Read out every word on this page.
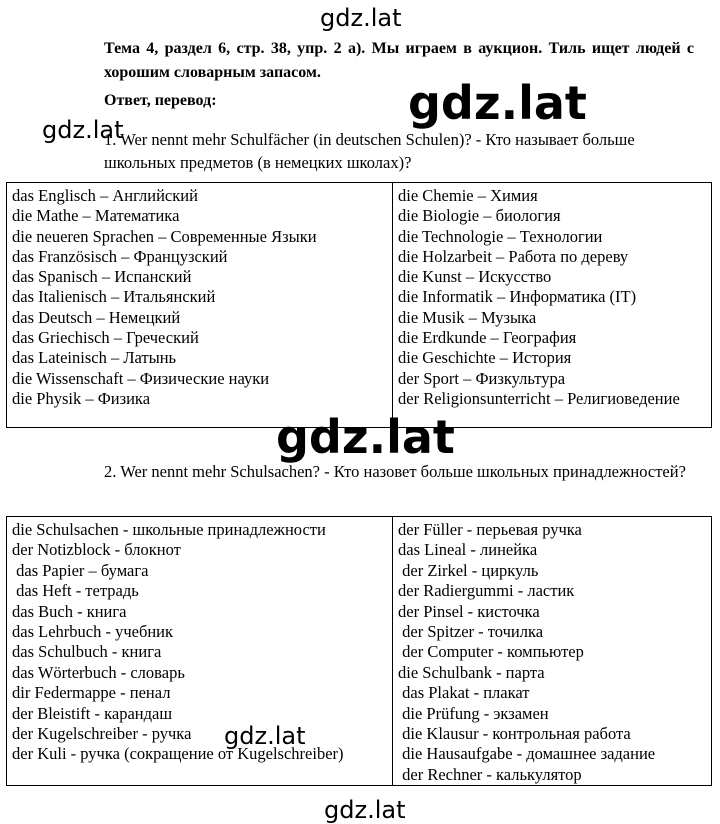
gdz.lat
Тема 4, раздел 6, стр. 38, упр. 2 а). Мы играем в аукцион. Тиль ищет людей с хорошим словарным запасом.
Ответ, перевод:	gdz.lat
gdz.lat
1. Wer nennt mehr Schulfächer (in deutschen Schulen)? - Кто называет больше школьных предметов (в немецких школах)?
das Englisch – Английский
die Mathe – Математика
die neueren Sprachen – Современные Языки
das Französisch – Французский
das Spanisch – Испанский
das Italienisch – Итальянский
das Deutsch – Немецкий
das Griechisch – Греческий
das Lateinisch – Латынь
die Wissenschaft – Физические науки
die Physik – Физика

die Chemie – Химия
die Biologie – биология
die Technologie – Технологии
die Holzarbeit – Работа по дереву
die Kunst – Искусство
die Informatik – Информатика (IT)
die Musik – Музыка
die Erdkunde – География
die Geschichte – История
der Sport – Физкультура
der Religionsunterricht – Религиоведение
gdz.lat
2. Wer nennt mehr Schulsachen? - Кто назовет больше школьных принадлежностей?
die Schulsachen - школьные принадлежности
der Notizblock - блокнот
das Papier – бумага
das Heft - тетрадь
das Buch - книга
das Lehrbuch - учебник
das Schulbuch - книга
das Wörterbuch - словарь
dir Federmappe - пенал
der Bleistift - карандаш
der Kugelschreiber - ручка
der Kuli - ручка (сокращение от Kugelschreiber)

der Füller - перьевая ручка
das Lineal - линейка
der Zirkel - циркуль
der Radiergummi - ластик
der Pinsel - кисточка
der Spitzer - точилка
der Computer - компьютер
die Schulbank - парта
das Plakat - плакат
die Prüfung - экзамен
die Klausur - контрольная работа
die Hausaufgabe - домашнее задание
der Rechner - калькулятор
gdz.lat
gdz.lat
